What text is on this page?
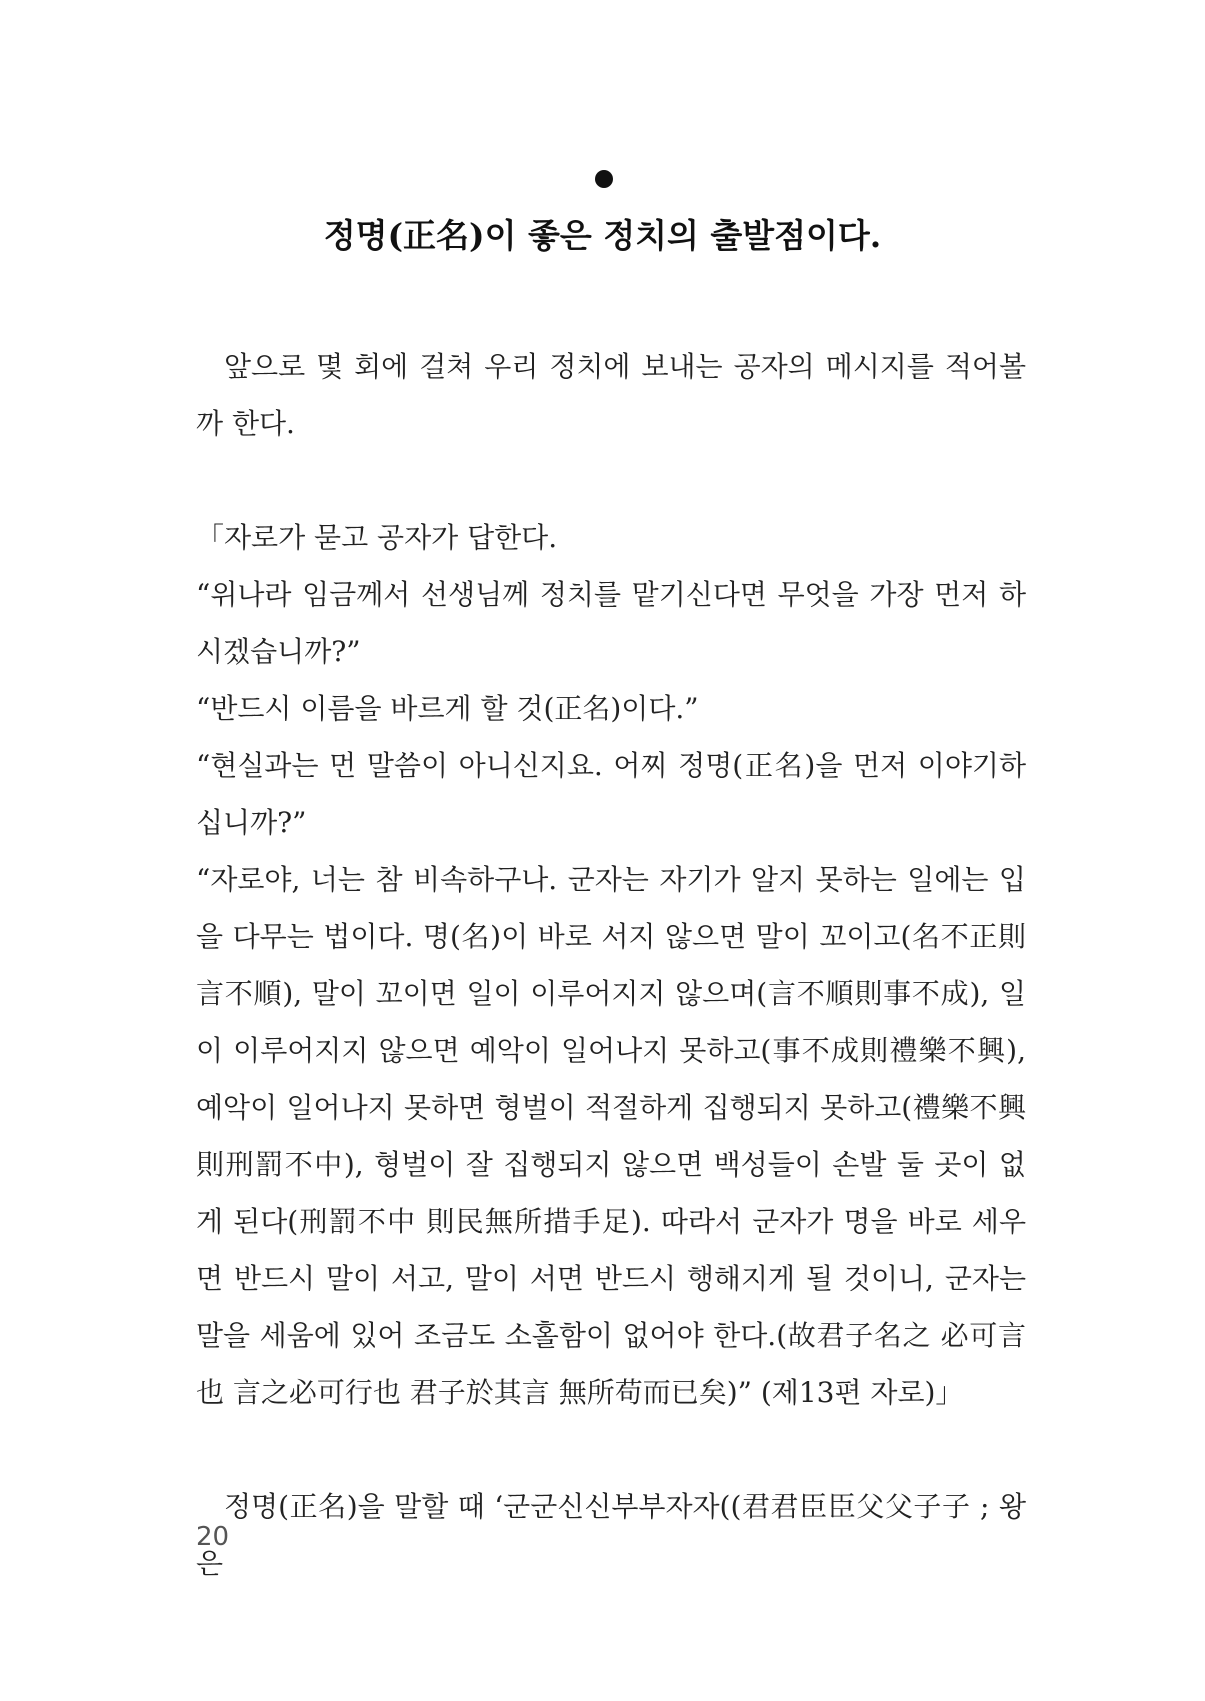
정명(正名)이 좋은 정치의 출발점이다.

앞으로 몇 회에 걸쳐 우리 정치에 보내는 공자의 메시지를 적어볼까 한다.

「자로가 묻고 공자가 답한다.

“위나라 임금께서 선생님께 정치를 맡기신다면 무엇을 가장 먼저 하시겠습니까?”

“반드시 이름을 바르게 할 것(正名)이다.”

“현실과는 먼 말씀이 아니신지요. 어찌 정명(正名)을 먼저 이야기하십니까?”

“자로야, 너는 참 비속하구나. 군자는 자기가 알지 못하는 일에는 입을 다무는 법이다. 명(名)이 바로 서지 않으면 말이 꼬이고(名不正則言不順), 말이 꼬이면 일이 이루어지지 않으며(言不順則事不成), 일이 이루어지지 않으면 예악이 일어나지 못하고(事不成則禮樂不興), 예악이 일어나지 못하면 형벌이 적절하게 집행되지 못하고(禮樂不興 則刑罰不中), 형벌이 잘 집행되지 않으면 백성들이 손발 둘 곳이 없게 된다(刑罰不中 則民無所措手足). 따라서 군자가 명을 바로 세우면 반드시 말이 서고, 말이 서면 반드시 행해지게 될 것이니, 군자는 말을 세움에 있어 조금도 소홀함이 없어야 한다.(故君子名之 必可言也 言之必可行也 君子於其言 無所苟而已矣)” (제13편 자로)」

정명(正名)을 말할 때 ‘군군신신부부자자((君君臣臣父父子子 ; 왕은

20
